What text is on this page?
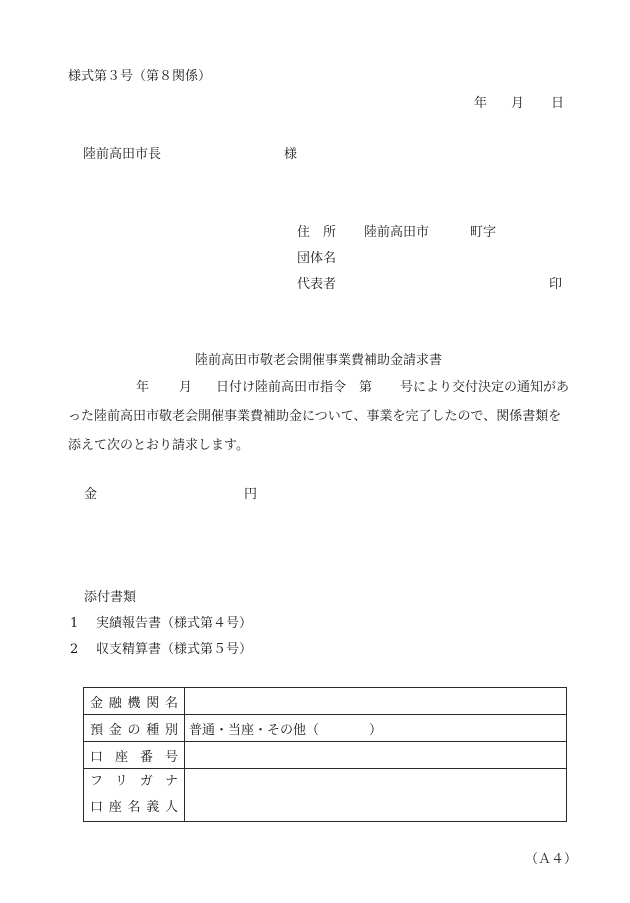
様式第３号（第８関係）
年 月 日
陸前高田市長	様
住　所 陸前高田市	町字
団体名
代表者	印
陸前高田市敬老会開催事業費補助金請求書
年 月 日付け陸前高田市指令　第 号により交付決定の通知があ
った陸前高田市敬老会開催事業費補助金について、事業を完了したので、関係書類を
添えて次のとおり請求します。
金	円
添付書類
1 実績報告書（様式第４号）
2 収支精算書（様式第５号）
金融機関名	
預金の種別	普通・当座・その他（ ）
口座番号	

フリガナ
口座名義人	

（Ａ４）
